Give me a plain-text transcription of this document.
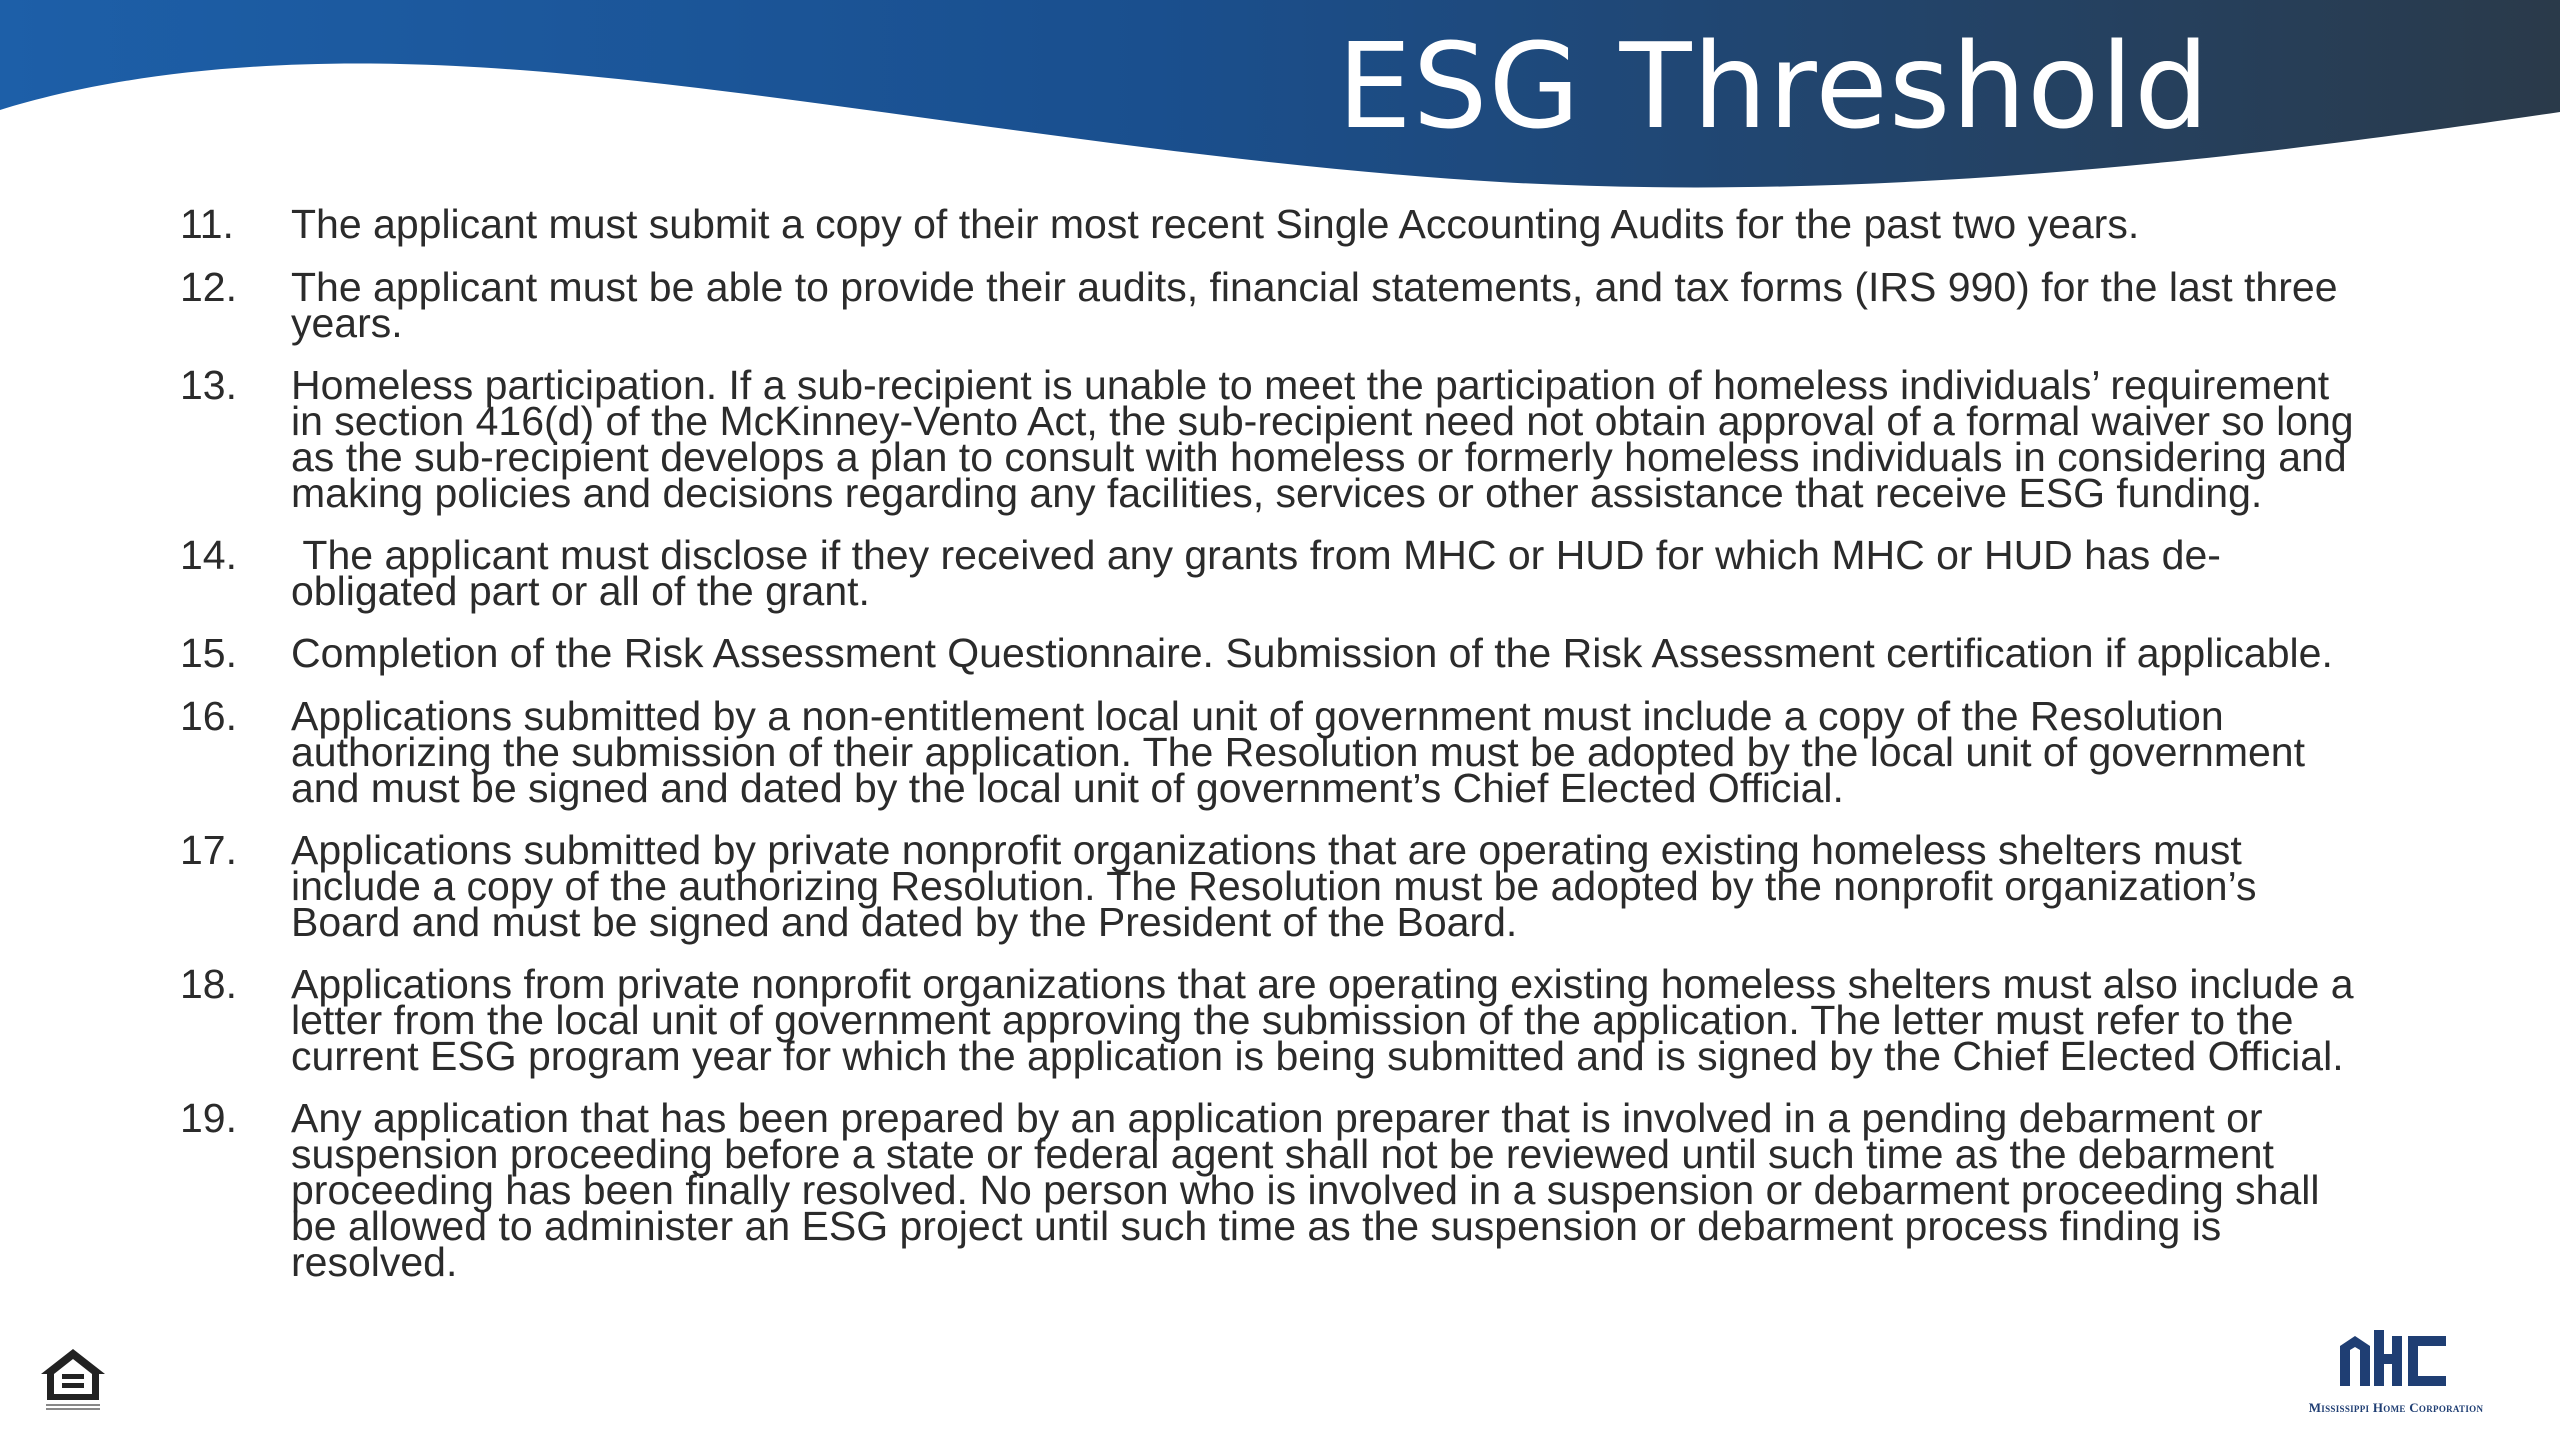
ESG Threshold
11.	The applicant must submit a copy of their most recent Single Accounting Audits for the past two years.
12.	The applicant must be able to provide their audits, financial statements, and tax forms (IRS 990) for the last three years.
13.	Homeless participation. If a sub-recipient is unable to meet the participation of homeless individuals’ requirement in section 416(d) of the McKinney-Vento Act, the sub-recipient need not obtain approval of a formal waiver so long as the sub-recipient develops a plan to consult with homeless or formerly homeless individuals in considering and making policies and decisions regarding any facilities, services or other assistance that receive ESG funding.
14.	The applicant must disclose if they received any grants from MHC or HUD for which MHC or HUD has de-obligated part or all of the grant.
15.	Completion of the Risk Assessment Questionnaire. Submission of the Risk Assessment certification if applicable.
16.	Applications submitted by a non-entitlement local unit of government must include a copy of the Resolution authorizing the submission of their application. The Resolution must be adopted by the local unit of government and must be signed and dated by the local unit of government’s Chief Elected Official.
17.	Applications submitted by private nonprofit organizations that are operating existing homeless shelters must include a copy of the authorizing Resolution. The Resolution must be adopted by the nonprofit organization’s Board and must be signed and dated by the President of the Board.
18.	Applications from private nonprofit organizations that are operating existing homeless shelters must also include a letter from the local unit of government approving the submission of the application. The letter must refer to the current ESG program year for which the application is being submitted and is signed by the Chief Elected Official.
19.	Any application that has been prepared by an application preparer that is involved in a pending debarment or suspension proceeding before a state or federal agent shall not be reviewed until such time as the debarment proceeding has been finally resolved. No person who is involved in a suspension or debarment proceeding shall be allowed to administer an ESG project until such time as the suspension or debarment process finding is resolved.
Mississippi Home Corporation
